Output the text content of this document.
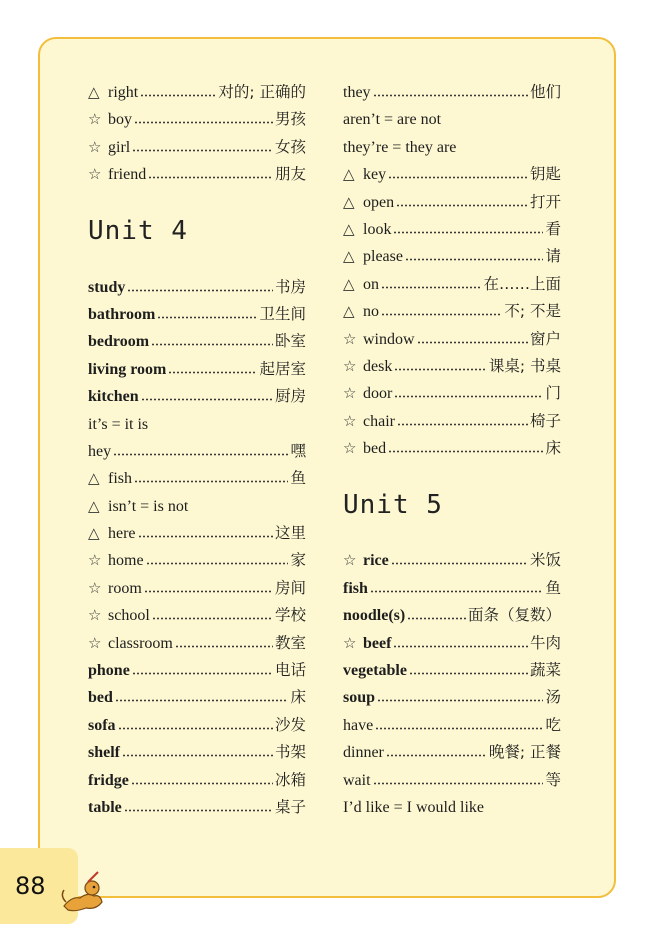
△ right	对的; 正确的
☆ boy	男孩
☆ girl	女孩
☆ friend	朋友
Unit 4
study	书房
bathroom	卫生间
bedroom	卧室
living room	起居室
kitchen	厨房
it’s = it is
hey	嘿
△ fish	鱼
△ isn’t = is not
△ here	这里
☆ home	家
☆ room	房间
☆ school	学校
☆ classroom	教室
phone	电话
bed	床
sofa	沙发
shelf	书架
fridge	冰箱
table	桌子
they	他们
aren’t = are not
they’re = they are
△ key	钥匙
△ open	打开
△ look	看
△ please	请
△ on	在……上面
△ no	不; 不是
☆ window	窗户
☆ desk	课桌; 书桌
☆ door	门
☆ chair	椅子
☆ bed	床
Unit 5
☆ rice	米饭
fish	鱼
noodle(s)	面条（复数）
☆ beef	牛肉
vegetable	蔬菜
soup	汤
have	吃
dinner	晚餐; 正餐
wait	等
I’d like = I would like
88
